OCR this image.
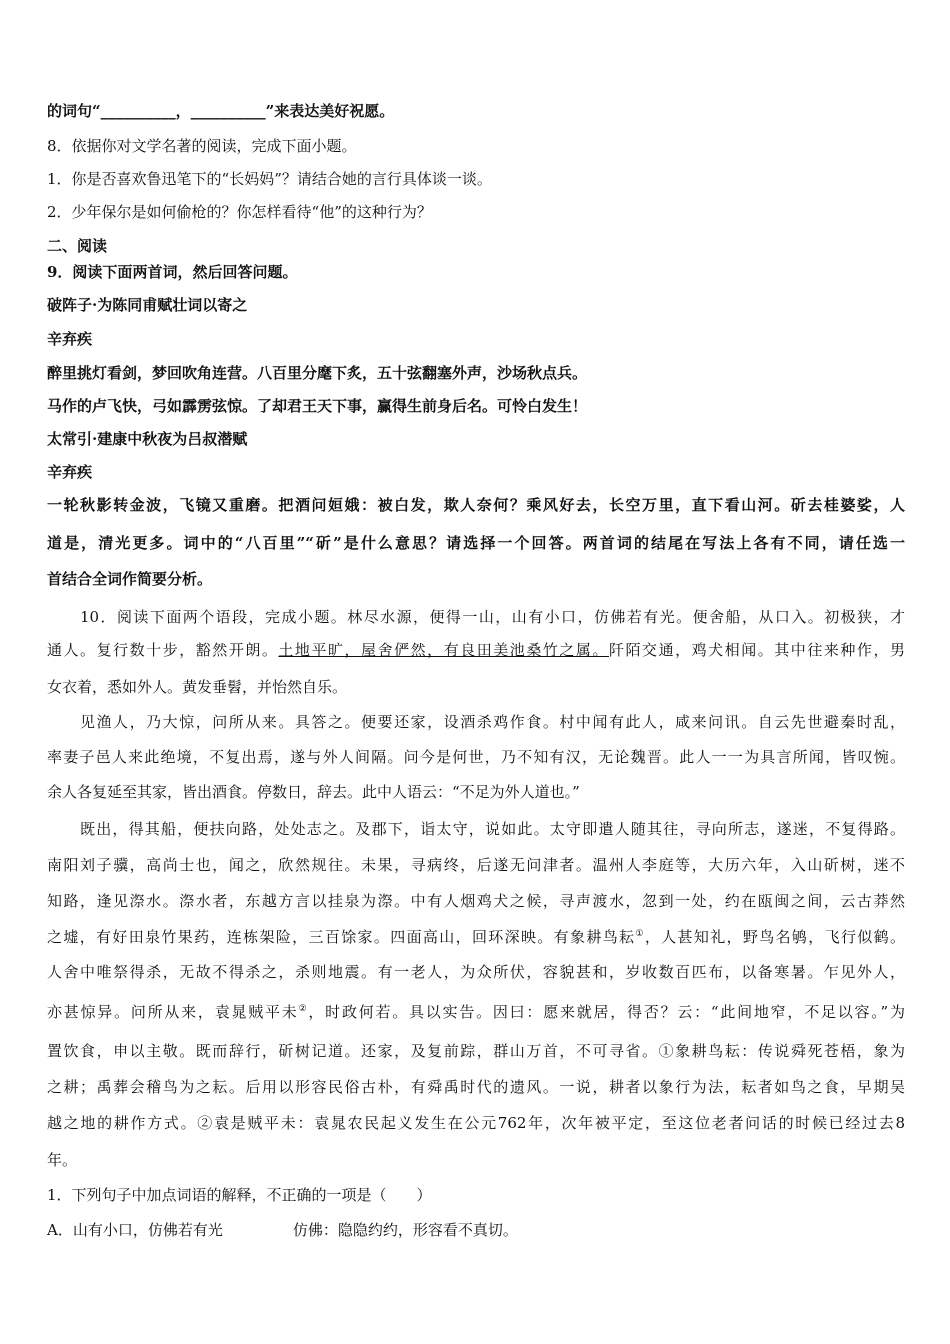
的词句“__________，__________”来表达美好祝愿。
8．依据你对文学名著的阅读，完成下面小题。
1．你是否喜欢鲁迅笔下的“长妈妈”？请结合她的言行具体谈一谈。
2．少年保尔是如何偷枪的？你怎样看待“他”的这种行为？
二、阅读
9．阅读下面两首词，然后回答问题。
破阵子·为陈同甫赋壮词以寄之
辛弃疾
醉里挑灯看剑，梦回吹角连营。八百里分麾下炙，五十弦翻塞外声，沙场秋点兵。
马作的卢飞快，弓如霹雳弦惊。了却君王天下事，赢得生前身后名。可怜白发生！
太常引·建康中秋夜为吕叔潜赋
辛弃疾
一轮秋影转金波，飞镜又重磨。把酒问姮娥：被白发，欺人奈何？乘风好去，长空万里，直下看山河。斫去桂婆娑，人
道是，清光更多。词中的“八百里”“斫”是什么意思？请选择一个回答。两首词的结尾在写法上各有不同，请任选一
首结合全词作简要分析。
10．阅读下面两个语段，完成小题。林尽水源，便得一山，山有小口，仿佛若有光。便舍船，从口入。初极狭，才
通人。复行数十步，豁然开朗。土地平旷，屋舍俨然，有良田美池桑竹之属。阡陌交通，鸡犬相闻。其中往来种作，男
女衣着，悉如外人。黄发垂髫，并怡然自乐。
见渔人，乃大惊，问所从来。具答之。便要还家，设酒杀鸡作食。村中闻有此人，咸来问讯。自云先世避秦时乱，
率妻子邑人来此绝境，不复出焉，遂与外人间隔。问今是何世，乃不知有汉，无论魏晋。此人一一为具言所闻，皆叹惋。
余人各复延至其家，皆出酒食。停数日，辞去。此中人语云：“不足为外人道也。”
既出，得其船，便扶向路，处处志之。及郡下，诣太守，说如此。太守即遣人随其往，寻向所志，遂迷，不复得路。
南阳刘子骥，高尚士也，闻之，欣然规往。未果，寻病终，后遂无问津者。温州人李庭等，大历六年，入山斫树，迷不
知路，逢见漈水。漈水者，东越方言以挂泉为漈。中有人烟鸡犬之候，寻声渡水，忽到一处，约在瓯闽之间，云古莽然
之墟，有好田泉竹果药，连栋架险，三百馀家。四面高山，回环深映。有象耕鸟耘①，人甚知礼，野鸟名鸲，飞行似鹤。
人舍中唯祭得杀，无故不得杀之，杀则地震。有一老人，为众所伏，容貌甚和，岁收数百匹布，以备寒暑。乍见外人，
亦甚惊异。问所从来，袁晁贼平未②，时政何若。具以实告。因曰：愿来就居，得否？云：“此间地窄，不足以容。”为
置饮食，申以主敬。既而辞行，斫树记道。还家，及复前踪，群山万首，不可寻省。①象耕鸟耘：传说舜死苍梧，象为
之耕；禹葬会稽鸟为之耘。后用以形容民俗古朴，有舜禹时代的遗风。一说，耕者以象行为法，耘者如鸟之食，早期吴
越之地的耕作方式。②袁是贼平未：袁晁农民起义发生在公元762年，次年被平定，至这位老者问话的时候已经过去8
年。
1．下列句子中加点词语的解释，不正确的一项是（　　）
A．山有小口，仿佛若有光	仿佛：隐隐约约，形容看不真切。
